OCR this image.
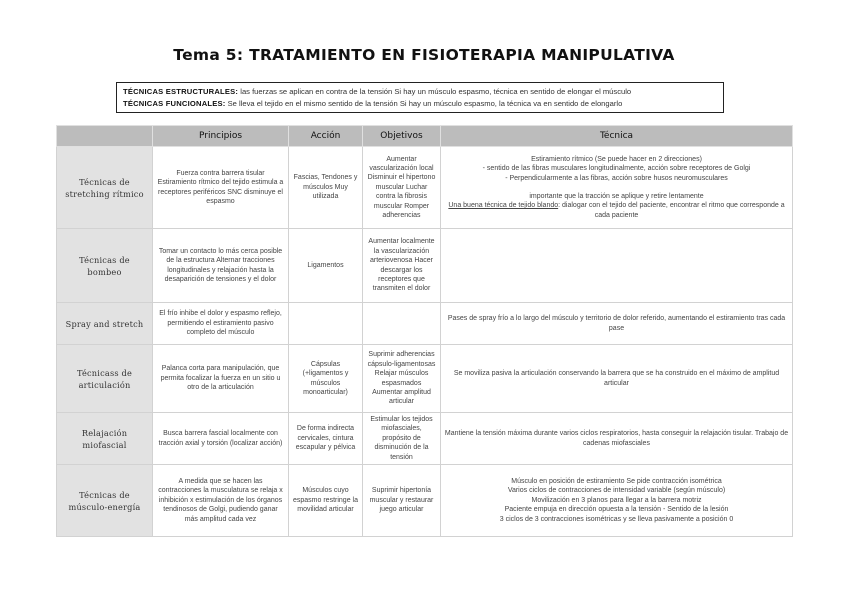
Tema 5: TRATAMIENTO EN FISIOTERAPIA MANIPULATIVA
TÉCNICAS ESTRUCTURALES: las fuerzas se aplican en contra de la tensión Si hay un músculo espasmo, técnica en sentido de elongar el músculo
TÉCNICAS FUNCIONALES: Se lleva el tejido en el mismo sentido de la tensión Si hay un músculo espasmo, la técnica va en sentido de elongarlo
	Principios	Acción	Objetivos	Técnica
Técnicas de stretching rítmico	Fuerza contra barrera tisular Estiramiento rítmico del tejido estimula a receptores periféricos SNC disminuye el espasmo	Fascias, Tendones y músculos Muy utilizada	Aumentar vascularización local Disminuir el hipertono muscular Luchar contra la fibrosis muscular Romper adherencias	Estiramiento rítmico (Se puede hacer en 2 direcciones)
- sentido de las fibras musculares longitudinalmente, acción sobre receptores de Golgi
- Perpendicularmente a las fibras, acción sobre husos neuromusculares
importante que la tracción se aplique y retire lentamente
Una buena técnica de tejido blando: dialogar con el tejido del paciente, encontrar el ritmo que corresponde a cada paciente

Técnicas de bombeo	Tomar un contacto lo más cerca posible de la estructura Alternar tracciones longitudinales y relajación hasta la desaparición de tensiones y el dolor	Ligamentos	Aumentar localmente la vascularización arteriovenosa Hacer descargar los receptores que transmiten el dolor	
Spray and stretch	El frío inhibe el dolor y espasmo reflejo, permitiendo el estiramiento pasivo completo del músculo			Pases de spray frío a lo largo del músculo y territorio de dolor referido, aumentando el estiramiento tras cada pase
Técnicass de articulación	Palanca corta para manipulación, que permita focalizar la fuerza en un sitio u otro de la articulación	Cápsulas (+ligamentos y músculos monoarticular)	Suprimir adherencias cápsulo-ligamentosas Relajar músculos espasmados Aumentar amplitud articular	Se moviliza pasiva la articulación conservando la barrera que se ha construido en el máximo de amplitud articular
Relajación miofascial	Busca barrera fascial localmente con tracción axial y torsión (localizar acción)	De forma indirecta cervicales, cintura escapular y pélvica	Estimular los tejidos miofasciales, propósito de disminución de la tensión	Mantiene la tensión máxima durante varios ciclos respiratorios, hasta conseguir la relajación tisular. Trabajo de cadenas miofasciales
Técnicas de músculo-energía	A medida que se hacen las contracciones la musculatura se relaja x inhibición x estimulación de los órganos tendinosos de Golgi, pudiendo ganar más amplitud cada vez	Músculos cuyo espasmo restringe la movilidad articular	Suprimir hipertonía muscular y restaurar juego articular	Músculo en posición de estiramiento Se pide contracción isométrica
Varios ciclos de contracciones de intensidad variable (según músculo)
Movilización en 3 planos para llegar a la barrera motriz
Paciente empuja en dirección opuesta a la tensión - Sentido de la lesión
3 ciclos de 3 contracciones isométricas y se lleva pasivamente a posición 0
